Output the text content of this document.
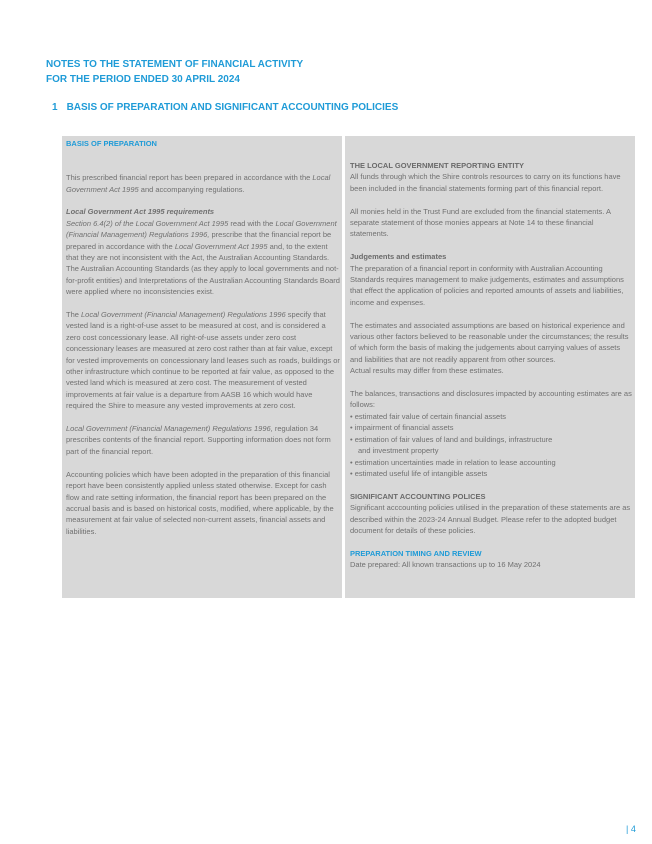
NOTES TO THE STATEMENT OF FINANCIAL ACTIVITY
FOR THE PERIOD ENDED 30 APRIL 2024
1 BASIS OF PREPARATION AND SIGNIFICANT ACCOUNTING POLICIES

BASIS OF PREPARATION

This prescribed financial report has been prepared in accordance with the Local Government Act 1995 and accompanying regulations.

Local Government Act 1995 requirements

Section 6.4(2) of the Local Government Act 1995 read with the Local Government (Financial Management) Regulations 1996, prescribe that the financial report be prepared in accordance with the Local Government Act 1995 and, to the extent that they are not inconsistent with the Act, the Australian Accounting Standards. The Australian Accounting Standards (as they apply to local governments and not-for-profit entities) and Interpretations of the Australian Accounting Standards Board were applied where no inconsistencies exist.

The Local Government (Financial Management) Regulations 1996 specify that vested land is a right-of-use asset to be measured at cost, and is considered a zero cost concessionary lease. All right-of-use assets under zero cost concessionary leases are measured at zero cost rather than at fair value, except for vested improvements on concessionary land leases such as roads, buildings or other infrastructure which continue to be reported at fair value, as opposed to the vested land which is measured at zero cost. The measurement of vested improvements at fair value is a departure from AASB 16 which would have required the Shire to measure any vested improvements at zero cost.

Local Government (Financial Management) Regulations 1996, regulation 34 prescribes contents of the financial report. Supporting information does not form part of the financial report.

Accounting policies which have been adopted in the preparation of this financial report have been consistently applied unless stated otherwise. Except for cash flow and rate setting information, the financial report has been prepared on the accrual basis and is based on historical costs, modified, where applicable, by the measurement at fair value of selected non-current assets, financial assets and liabilities.

THE LOCAL GOVERNMENT REPORTING ENTITY

All funds through which the Shire controls resources to carry on its functions have been included in the financial statements forming part of this financial report.

All monies held in the Trust Fund are excluded from the financial statements. A separate statement of those monies appears at Note 14 to these financial statements.

Judgements and estimates

The preparation of a financial report in conformity with Australian Accounting Standards requires management to make judgements, estimates and assumptions that effect the application of policies and reported amounts of assets and liabilities, income and expenses.

The estimates and associated assumptions are based on historical experience and various other factors believed to be reasonable under the circumstances; the results of which form the basis of making the judgements about carrying values of assets and liabilities that are not readily apparent from other sources.

Actual results may differ from these estimates.

The balances, transactions and disclosures impacted by accounting estimates are as follows:

• estimated fair value of certain financial assets

• impairment of financial assets

• estimation of fair values of land and buildings, infrastructure

and investment property

• estimation uncertainties made in relation to lease accounting

• estimated useful life of intangible assets

SIGNIFICANT ACCOUNTING POLICES

Significant acccounting policies utilised in the preparation of these statements are as described within the 2023-24 Annual Budget. Please refer to the adopted budget document for details of these policies.

PREPARATION TIMING AND REVIEW

Date prepared: All known transactions up to 16 May 2024

| 4
